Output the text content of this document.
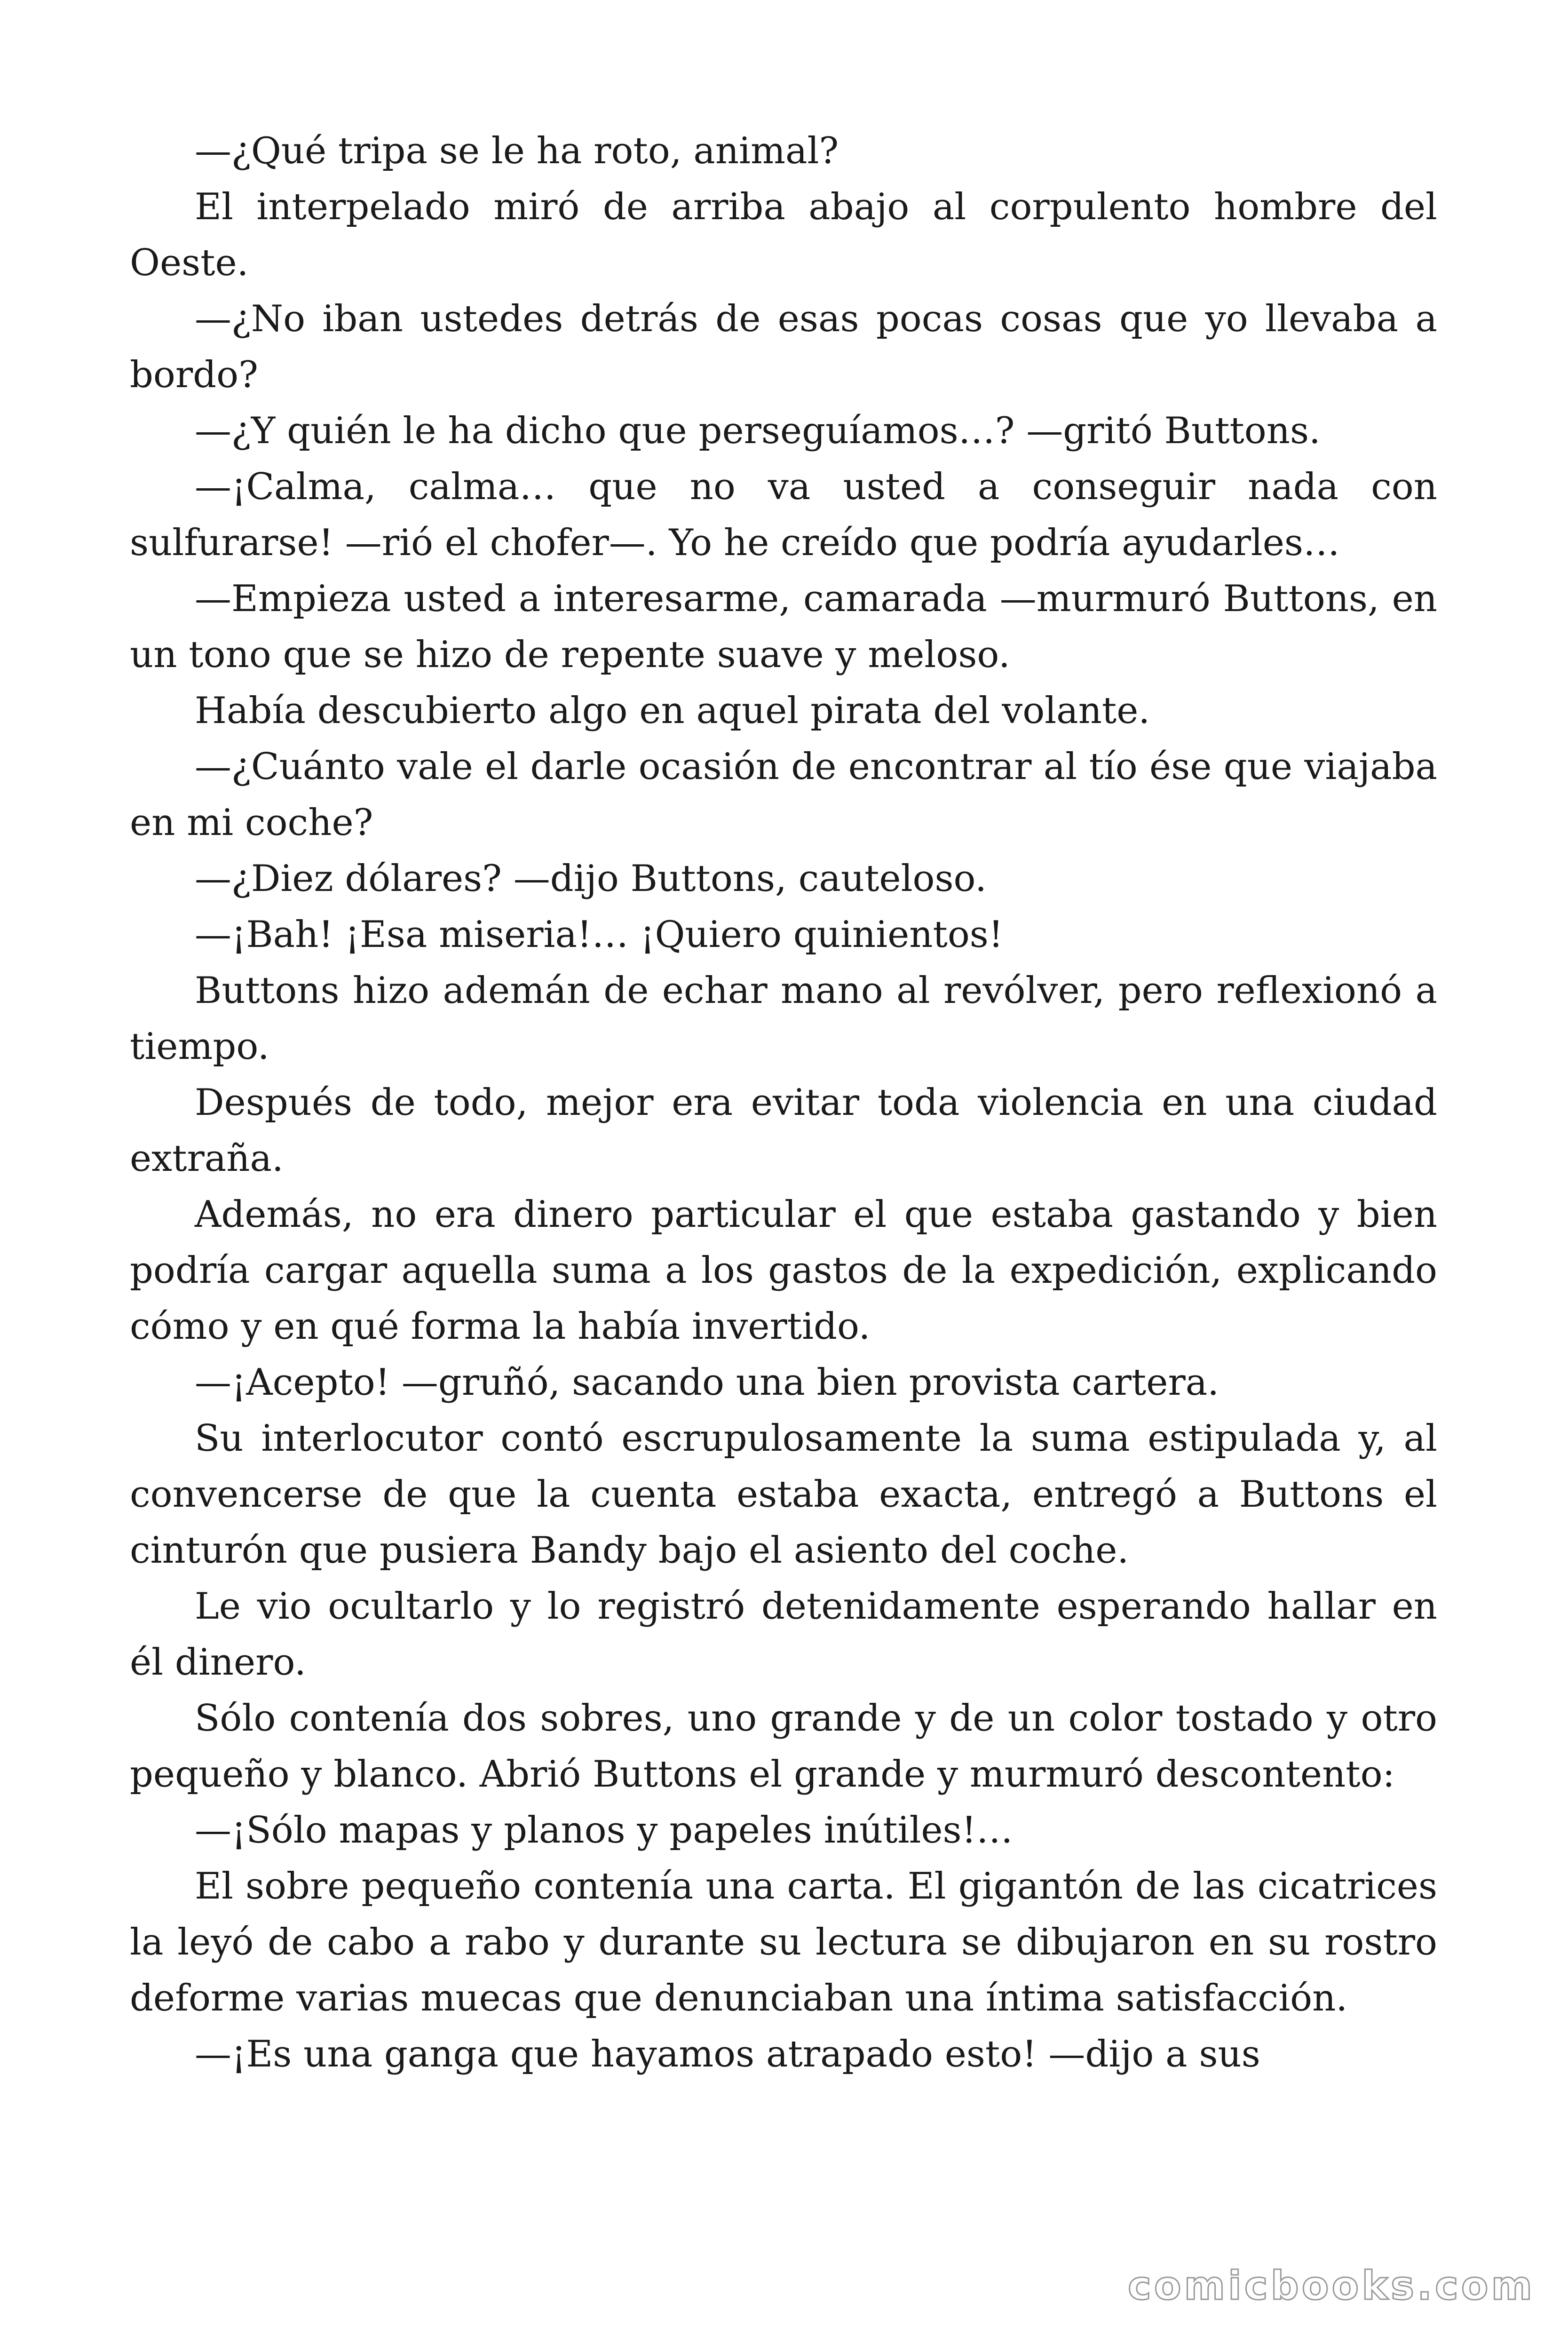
—¿Qué tripa se le ha roto, animal?

El interpelado miró de arriba abajo al corpulento hombre del Oeste.

—¿No iban ustedes detrás de esas pocas cosas que yo llevaba a bordo?

—¿Y quién le ha dicho que perseguíamos…? —gritó Buttons.

—¡Calma, calma… que no va usted a conseguir nada con sulfurarse! —rió el chofer—. Yo he creído que podría ayudarles…

—Empieza usted a interesarme, camarada —murmuró Buttons, en un tono que se hizo de repente suave y meloso.

Había descubierto algo en aquel pirata del volante.

—¿Cuánto vale el darle ocasión de encontrar al tío ése que viajaba en mi coche?

—¿Diez dólares? —dijo Buttons, cauteloso.

—¡Bah! ¡Esa miseria!… ¡Quiero quinientos!

Buttons hizo ademán de echar mano al revólver, pero reflexionó a tiempo.

Después de todo, mejor era evitar toda violencia en una ciudad extraña.

Además, no era dinero particular el que estaba gastando y bien podría cargar aquella suma a los gastos de la expedición, explicando cómo y en qué forma la había invertido.

—¡Acepto! —gruñó, sacando una bien provista cartera.

Su interlocutor contó escrupulosamente la suma estipulada y, al convencerse de que la cuenta estaba exacta, entregó a Buttons el cinturón que pusiera Bandy bajo el asiento del coche.

Le vio ocultarlo y lo registró detenidamente esperando hallar en él dinero.

Sólo contenía dos sobres, uno grande y de un color tostado y otro pequeño y blanco. Abrió Buttons el grande y murmuró descontento:

—¡Sólo mapas y planos y papeles inútiles!…

El sobre pequeño contenía una carta. El gigantón de las cicatrices la leyó de cabo a rabo y durante su lectura se dibujaron en su rostro deforme varias muecas que denunciaban una íntima satisfacción.

—¡Es una ganga que hayamos atrapado esto! —dijo a sus

comicbooks.com
